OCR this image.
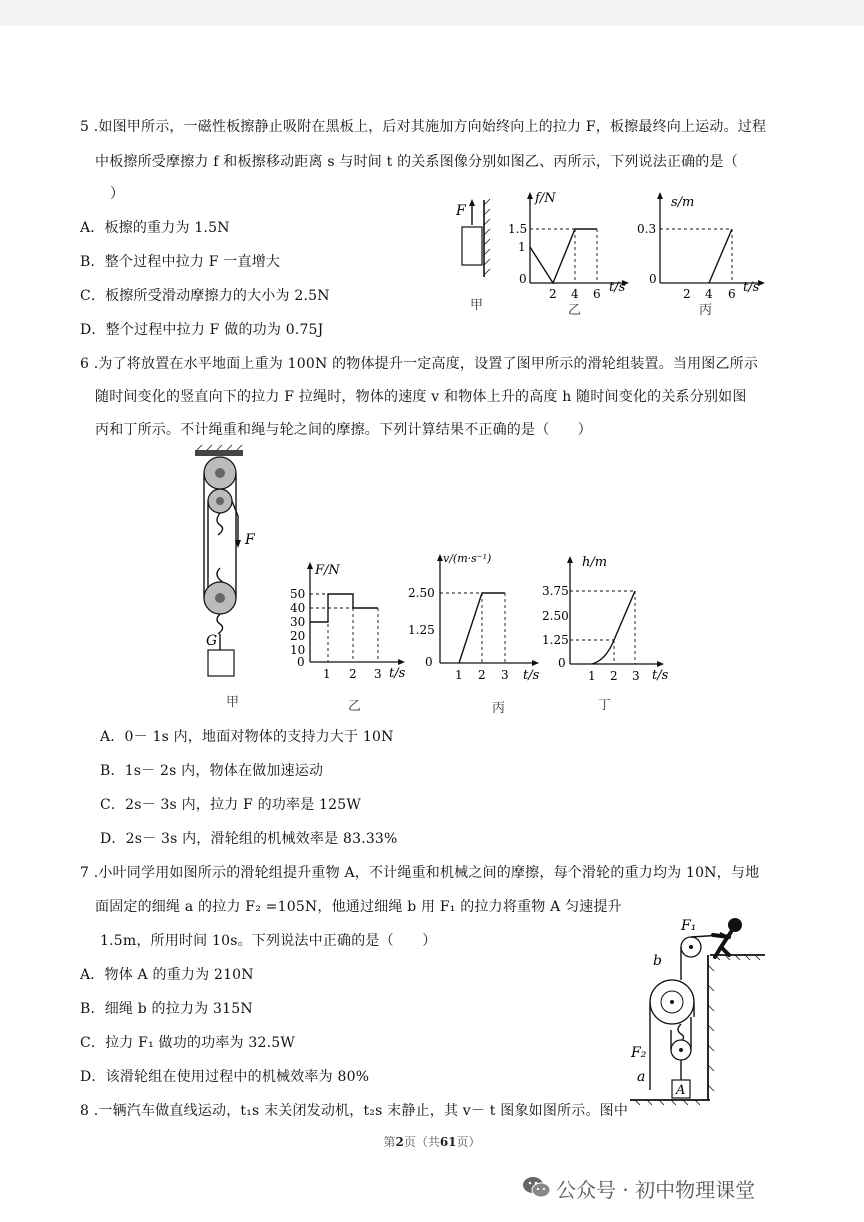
5 .如图甲所示，一磁性板擦静止吸附在黑板上，后对其施加方向始终向上的拉力 F，板擦最终向上运动。过程
中板擦所受摩擦力 f 和板擦移动距离 s 与时间 t 的关系图像分别如图乙、丙所示，下列说法正确的是（
）
A．板擦的重力为 1.5N
B．整个过程中拉力 F 一直增大
C．板擦所受滑动摩擦力的大小为 2.5N
D．整个过程中拉力 F 做的功为 0.75J
F
甲
f/N
t/s
1.5
1
0
2 4 6
乙
s/m
t/s
0.3
0
2 4 6
丙
6 .为了将放置在水平地面上重为 100N 的物体提升一定高度，设置了图甲所示的滑轮组装置。当用图乙所示
随时间变化的竖直向下的拉力 F 拉绳时，物体的速度 v 和物体上升的高度 h 随时间变化的关系分别如图
丙和丁所示。不计绳重和绳与轮之间的摩擦。下列计算结果不正确的是（　　）
F
G
甲
F/N
t/s
50
40
30
20
10
0
1 2 3
乙
v/(m·s⁻¹)
t/s
2.50
1.25
0
1 2 3
丙
h/m
t/s
3.75
2.50
1.25
0
1 2 3
丁
A．0－ 1s 内，地面对物体的支持力大于 10N
B．1s－ 2s 内，物体在做加速运动
C．2s－ 3s 内，拉力 F 的功率是 125W
D．2s－ 3s 内，滑轮组的机械效率是 83.33%
7 .小叶同学用如图所示的滑轮组提升重物 A，不计绳重和机械之间的摩擦，每个滑轮的重力均为 10N，与地
面固定的细绳 a 的拉力 F₂ =105N，他通过细绳 b 用 F₁ 的拉力将重物 A 匀速提升
1.5m，所用时间 10s。下列说法中正确的是（　　）
A．物体 A 的重力为 210N
B．细绳 b 的拉力为 315N
C．拉力 F₁ 做功的功率为 32.5W
D．该滑轮组在使用过程中的机械效率为 80%
F₁
b
F₂
a
A
8 .一辆汽车做直线运动，t₁s 末关闭发动机，t₂s 末静止，其 v－ t 图象如图所示。图中
第2页（共61页）
公众号 · 初中物理课堂
